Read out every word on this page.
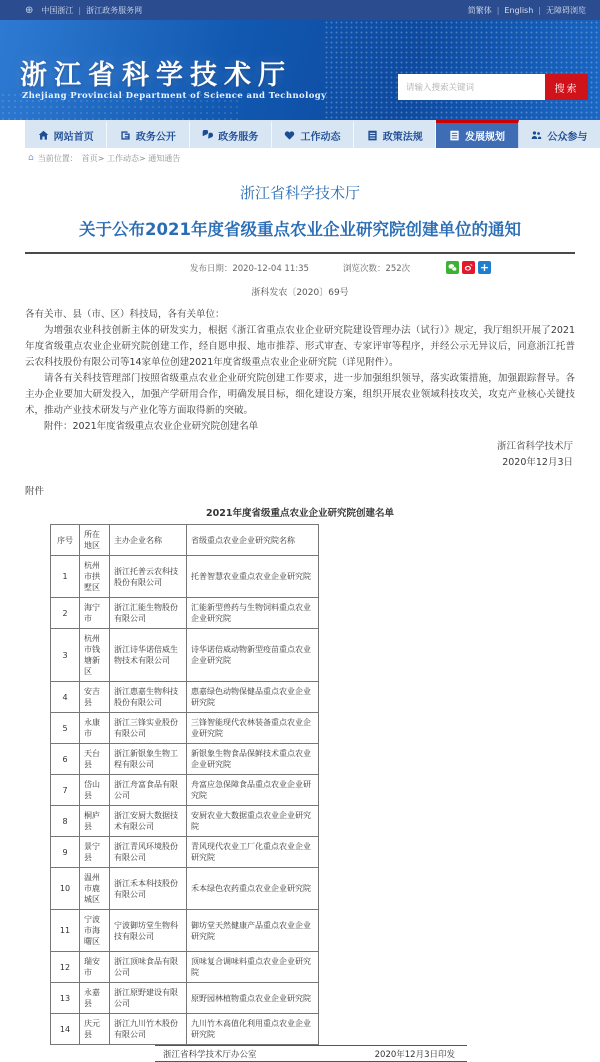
⊕ 中国浙江 | 浙江政务服务网	简繁体 | English | 无障碍浏览
浙江省科学技术厅
Zhejiang Provincial Department of Science and Technology
请输入搜索关键词
搜索
网站首页	政务公开	政务服务	工作动态	政策法规	发展规划	公众参与
⌂ 当前位置： 首页> 工作动态> 通知通告
浙江省科学技术厅
关于公布2021年度省级重点农业企业研究院创建单位的通知
发布日期：2020-12-04 11:35	浏览次数：252次	+
浙科发农〔2020〕69号

各有关市、县（市、区）科技局，各有关单位：

为增强农业科技创新主体的研发实力，根据《浙江省重点农业企业研究院建设管理办法（试行）》规定，我厅组织开展了2021年度省级重点农业企业研究院创建工作，经自愿申报、地市推荐、形式审查、专家评审等程序，并经公示无异议后，同意浙江托普云农科技股份有限公司等14家单位创建2021年度省级重点农业企业研究院（详见附件）。

请各有关科技管理部门按照省级重点农业企业研究院创建工作要求，进一步加强组织领导，落实政策措施，加强跟踪督导。各主办企业要加大研发投入，加强产学研用合作，明确发展目标，细化建设方案，组织开展农业领域科技攻关，攻克产业核心关键技术，推动产业技术研发与产业化等方面取得新的突破。

附件：2021年度省级重点农业企业研究院创建名单

浙江省科学技术厅
2020年12月3日
附件
2021年度省级重点农业企业研究院创建名单
序号	所在地区	主办企业名称	省级重点农业企业研究院名称
1	杭州市拱墅区	浙江托普云农科技股份有限公司	托普智慧农业重点农业企业研究院
2	海宁市	浙江汇能生物股份有限公司	汇能新型兽药与生物饲料重点农业企业研究院
3	杭州市钱塘新区	浙江诗华诺倍威生物技术有限公司	诗华诺倍威动物新型疫苗重点农业企业研究院
4	安吉县	浙江惠嘉生物科技股份有限公司	惠嘉绿色动物保健品重点农业企业研究院
5	永康市	浙江三锋实业股份有限公司	三锋智能现代农林装备重点农业企业研究院
6	天台县	浙江新银象生物工程有限公司	新银象生物食品保鲜技术重点农业企业研究院
7	岱山县	浙江舟富食品有限公司	舟富应急保障食品重点农业企业研究院
8	桐庐县	浙江安厨大数据技术有限公司	安厨农业大数据重点农业企业研究院
9	景宁县	浙江青风环境股份有限公司	青风现代农业工厂化重点农业企业研究院
10	温州市鹿城区	浙江禾本科技股份有限公司	禾本绿色农药重点农业企业研究院
11	宁波市海曙区	宁波御坊堂生物科技有限公司	御坊堂天然健康产品重点农业企业研究院
12	瑞安市	浙江顶味食品有限公司	顶味复合调味料重点农业企业研究院
13	永嘉县	浙江原野建设有限公司	原野园林植物重点农业企业研究院
14	庆元县	浙江九川竹木股份有限公司	九川竹木高值化利用重点农业企业研究院
浙江省科学技术厅办公室	2020年12月3日印发
